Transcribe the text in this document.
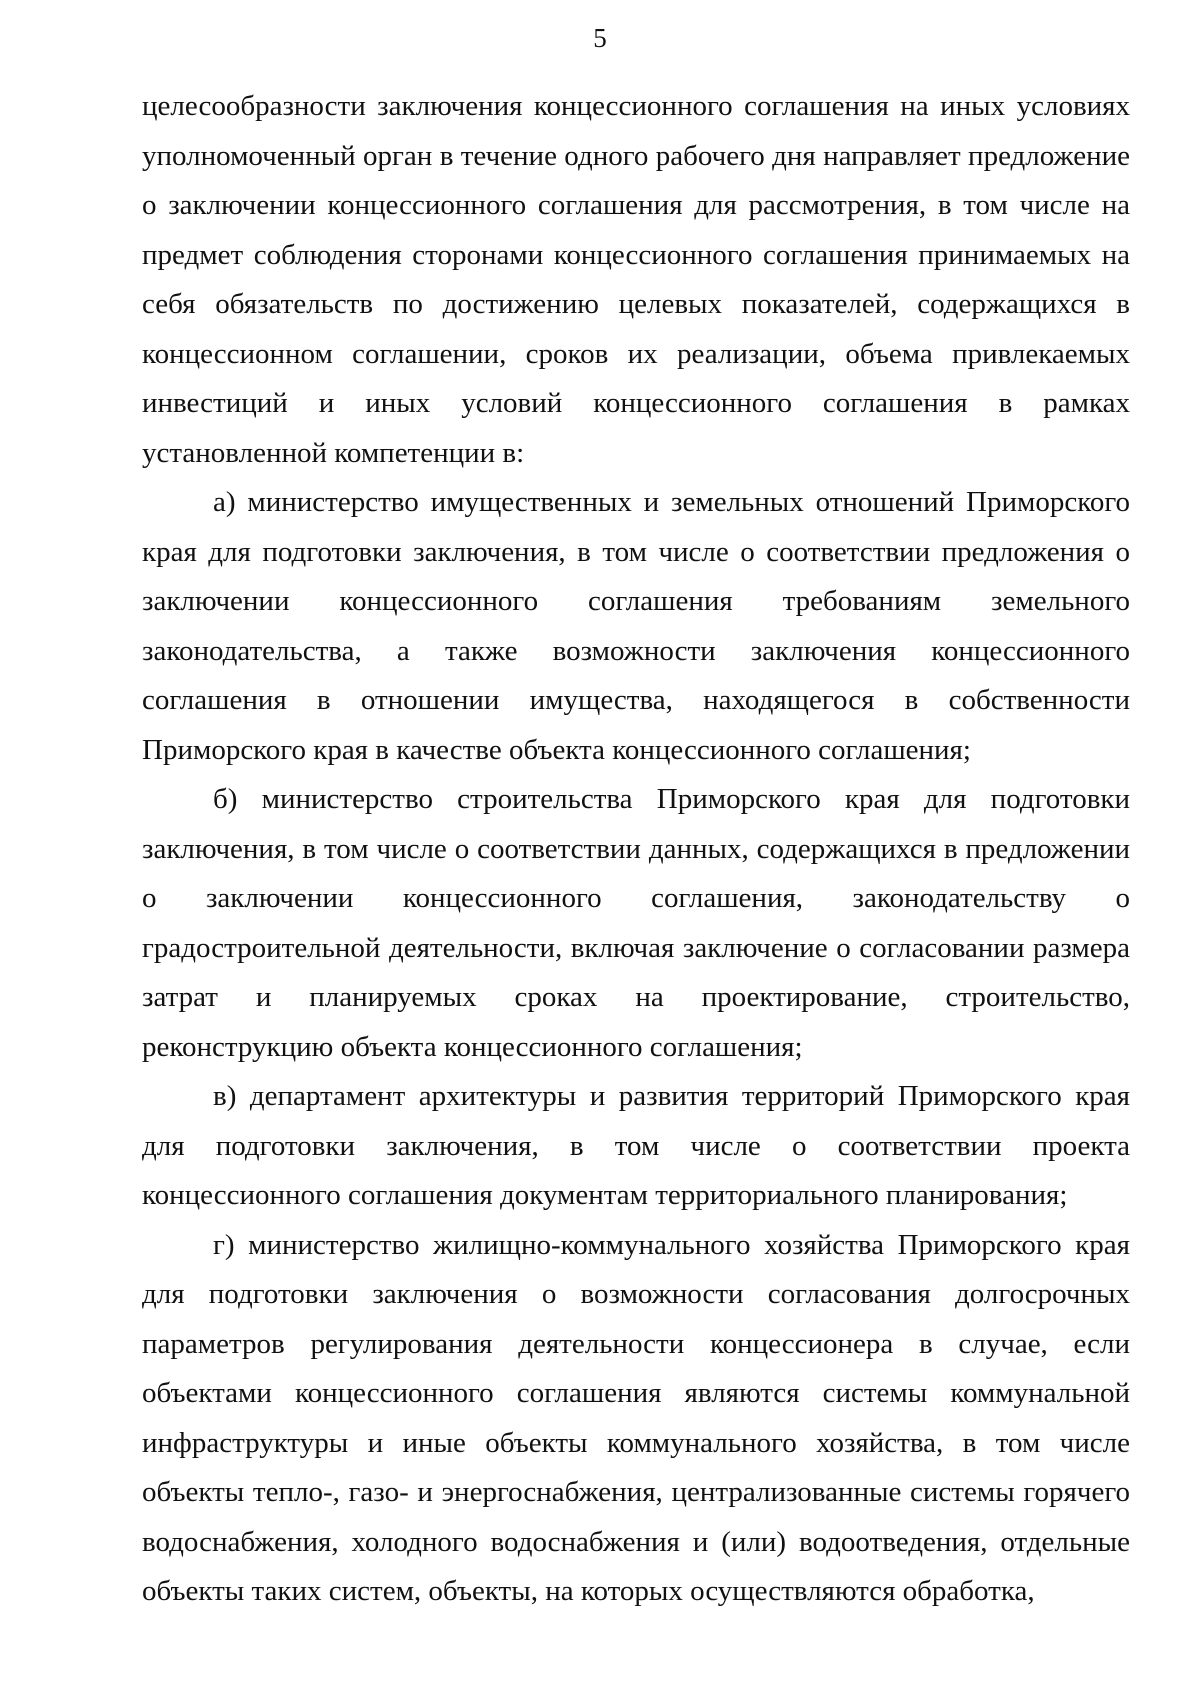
5

целесообразности заключения концессионного соглашения на иных условиях уполномоченный орган в течение одного рабочего дня направляет предложение о заключении концессионного соглашения для рассмотрения, в том числе на предмет соблюдения сторонами концессионного соглашения принимаемых на себя обязательств по достижению целевых показателей, содержащихся в концессионном соглашении, сроков их реализации, объема привлекаемых инвестиций и иных условий концессионного соглашения в рамках установленной компетенции в:

а) министерство имущественных и земельных отношений Приморского края для подготовки заключения, в том числе о соответствии предложения о заключении концессионного соглашения требованиям земельного законодательства, а также возможности заключения концессионного соглашения в отношении имущества, находящегося в собственности Приморского края в качестве объекта концессионного соглашения;

б) министерство строительства Приморского края для подготовки заключения, в том числе о соответствии данных, содержащихся в предложении о заключении концессионного соглашения, законодательству о градостроительной деятельности, включая заключение о согласовании размера затрат и планируемых сроках на проектирование, строительство, реконструкцию объекта концессионного соглашения;

в) департамент архитектуры и развития территорий Приморского края для подготовки заключения, в том числе о соответствии проекта концессионного соглашения документам территориального планирования;

г) министерство жилищно-коммунального хозяйства Приморского края для подготовки заключения о возможности согласования долгосрочных параметров регулирования деятельности концессионера в случае, если объектами концессионного соглашения являются системы коммунальной инфраструктуры и иные объекты коммунального хозяйства, в том числе объекты тепло-, газо- и энергоснабжения, централизованные системы горячего водоснабжения, холодного водоснабжения и (или) водоотведения, отдельные объекты таких систем, объекты, на которых осуществляются обработка,
